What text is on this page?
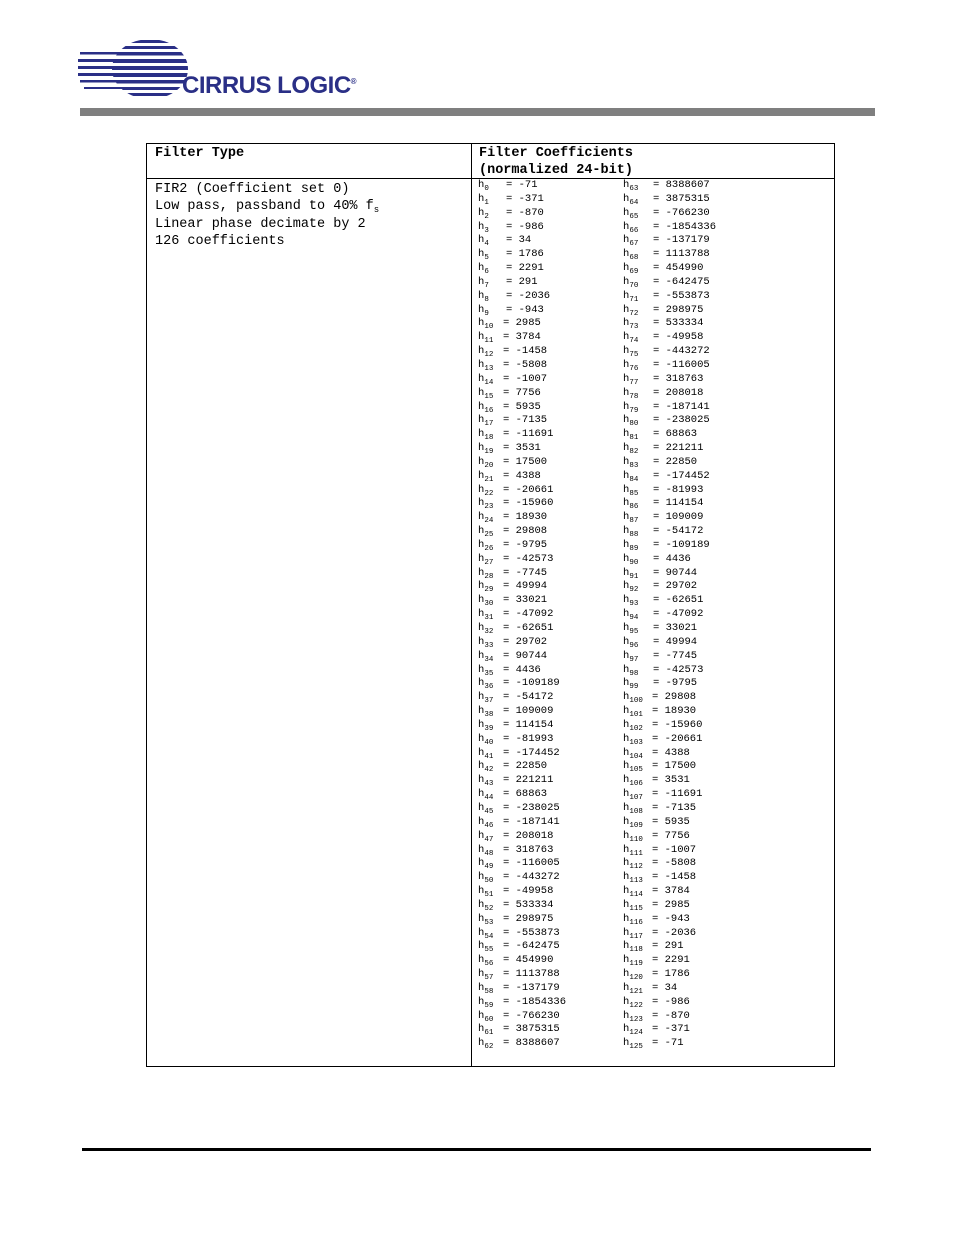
CIRRUS LOGIC®
Filter Type	Filter Coefficients
(normalized 24-bit)
FIR2 (Coefficient set 0)
Low pass, passband to 40% $f_s$
Linear phase decimate by 2
126 coefficients
$h_0 = -71$
$h_1 = -371$
$h_2 = -870$
$h_3 = -986$
$h_4 = 34$
$h_5 = 1786$
$h_6 = 2291$
$h_7 = 291$
$h_8 = -2036$
$h_9 = -943$
$h_{10} = 2985$
$h_{11} = 3784$
$h_{12} = -1458$
$h_{13} = -5808$
$h_{14} = -1007$
$h_{15} = 7756$
$h_{16} = 5935$
$h_{17} = -7135$
$h_{18} = -11691$
$h_{19} = 3531$
$h_{20} = 17500$
$h_{21} = 4388$
$h_{22} = -20661$
$h_{23} = -15960$
$h_{24} = 18930$
$h_{25} = 29808$
$h_{26} = -9795$
$h_{27} = -42573$
$h_{28} = -7745$
$h_{29} = 49994$
$h_{30} = 33021$
$h_{31} = -47092$
$h_{32} = -62651$
$h_{33} = 29702$
$h_{34} = 90744$
$h_{35} = 4436$
$h_{36} = -109189$
$h_{37} = -54172$
$h_{38} = 109009$
$h_{39} = 114154$
$h_{40} = -81993$
$h_{41} = -174452$
$h_{42} = 22850$
$h_{43} = 221211$
$h_{44} = 68863$
$h_{45} = -238025$
$h_{46} = -187141$
$h_{47} = 208018$
$h_{48} = 318763$
$h_{49} = -116005$
$h_{50} = -443272$
$h_{51} = -49958$
$h_{52} = 533334$
$h_{53} = 298975$
$h_{54} = -553873$
$h_{55} = -642475$
$h_{56} = 454990$
$h_{57} = 1113788$
$h_{58} = -137179$
$h_{59} = -1854336$
$h_{60} = -766230$
$h_{61} = 3875315$
$h_{62} = 8388607$
$h_{63} = 8388607$
$h_{64} = 3875315$
$h_{65} = -766230$
$h_{66} = -1854336$
$h_{67} = -137179$
$h_{68} = 1113788$
$h_{69} = 454990$
$h_{70} = -642475$
$h_{71} = -553873$
$h_{72} = 298975$
$h_{73} = 533334$
$h_{74} = -49958$
$h_{75} = -443272$
$h_{76} = -116005$
$h_{77} = 318763$
$h_{78} = 208018$
$h_{79} = -187141$
$h_{80} = -238025$
$h_{81} = 68863$
$h_{82} = 221211$
$h_{83} = 22850$
$h_{84} = -174452$
$h_{85} = -81993$
$h_{86} = 114154$
$h_{87} = 109009$
$h_{88} = -54172$
$h_{89} = -109189$
$h_{90} = 4436$
$h_{91} = 90744$
$h_{92} = 29702$
$h_{93} = -62651$
$h_{94} = -47092$
$h_{95} = 33021$
$h_{96} = 49994$
$h_{97} = -7745$
$h_{98} = -42573$
$h_{99} = -9795$
$h_{100} = 29808$
$h_{101} = 18930$
$h_{102} = -15960$
$h_{103} = -20661$
$h_{104} = 4388$
$h_{105} = 17500$
$h_{106} = 3531$
$h_{107} = -11691$
$h_{108} = -7135$
$h_{109} = 5935$
$h_{110} = 7756$
$h_{111} = -1007$
$h_{112} = -5808$
$h_{113} = -1458$
$h_{114} = 3784$
$h_{115} = 2985$
$h_{116} = -943$
$h_{117} = -2036$
$h_{118} = 291$
$h_{119} = 2291$
$h_{120} = 1786$
$h_{121} = 34$
$h_{122} = -986$
$h_{123} = -870$
$h_{124} = -371$
$h_{125} = -71$
